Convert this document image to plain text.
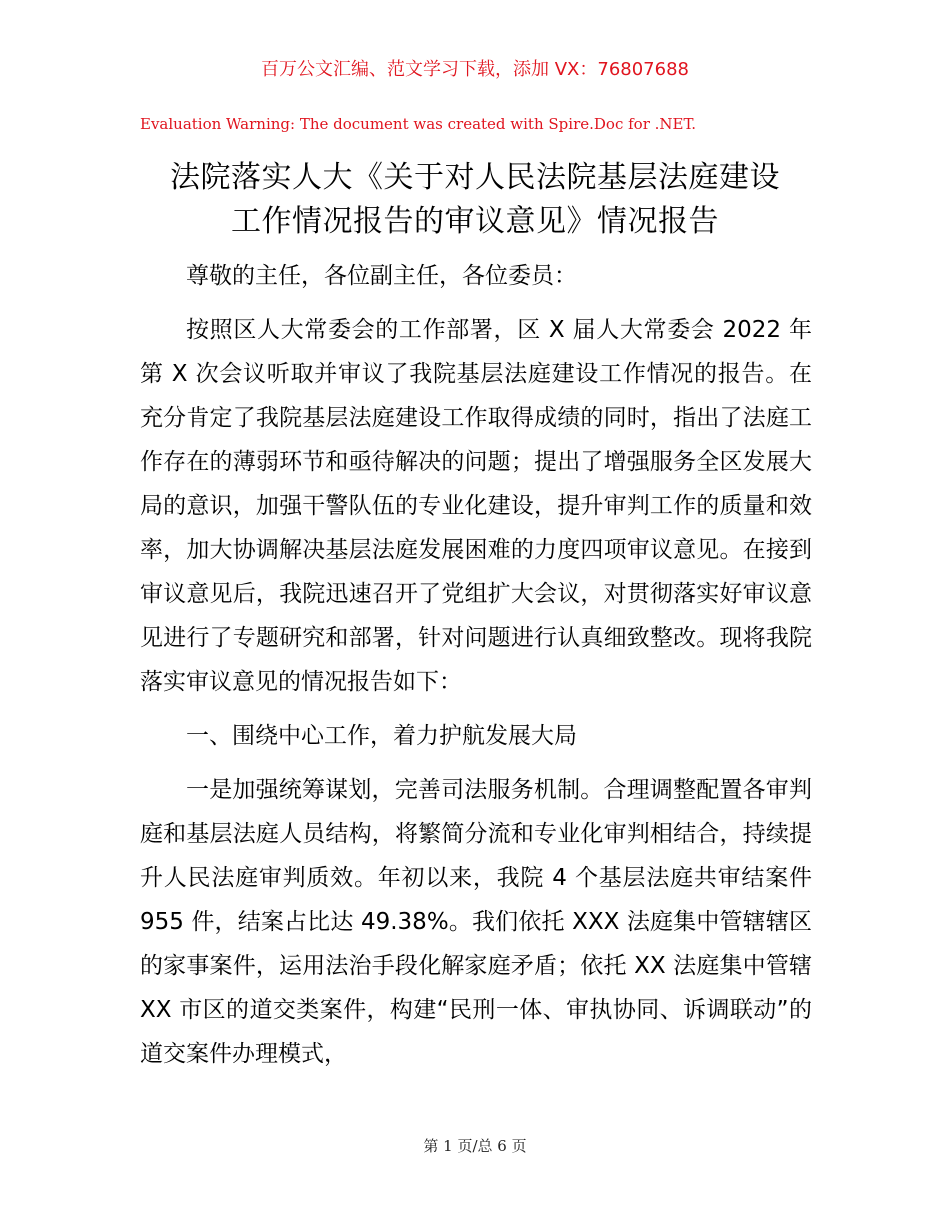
百万公文汇编、范文学习下载，添加 VX：76807688
Evaluation Warning: The document was created with Spire.Doc for .NET.
法院落实人大《关于对人民法院基层法庭建设
工作情况报告的审议意见》情况报告

尊敬的主任，各位副主任，各位委员：

按照区人大常委会的工作部署，区 X 届人大常委会 2022 年第 X 次会议听取并审议了我院基层法庭建设工作情况的报告。在充分肯定了我院基层法庭建设工作取得成绩的同时，指出了法庭工作存在的薄弱环节和亟待解决的问题；提出了增强服务全区发展大局的意识，加强干警队伍的专业化建设，提升审判工作的质量和效率，加大协调解决基层法庭发展困难的力度四项审议意见。在接到审议意见后，我院迅速召开了党组扩大会议，对贯彻落实好审议意见进行了专题研究和部署，针对问题进行认真细致整改。现将我院落实审议意见的情况报告如下：

一、围绕中心工作，着力护航发展大局

一是加强统筹谋划，完善司法服务机制。合理调整配置各审判庭和基层法庭人员结构，将繁简分流和专业化审判相结合，持续提升人民法庭审判质效。年初以来，我院 4 个基层法庭共审结案件 955 件，结案占比达 49.38%。我们依托 XXX 法庭集中管辖辖区的家事案件，运用法治手段化解家庭矛盾；依托 XX 法庭集中管辖 XX 市区的道交类案件，构建“民刑一体、审执协同、诉调联动”的道交案件办理模式，

第 1 页/总 6 页
